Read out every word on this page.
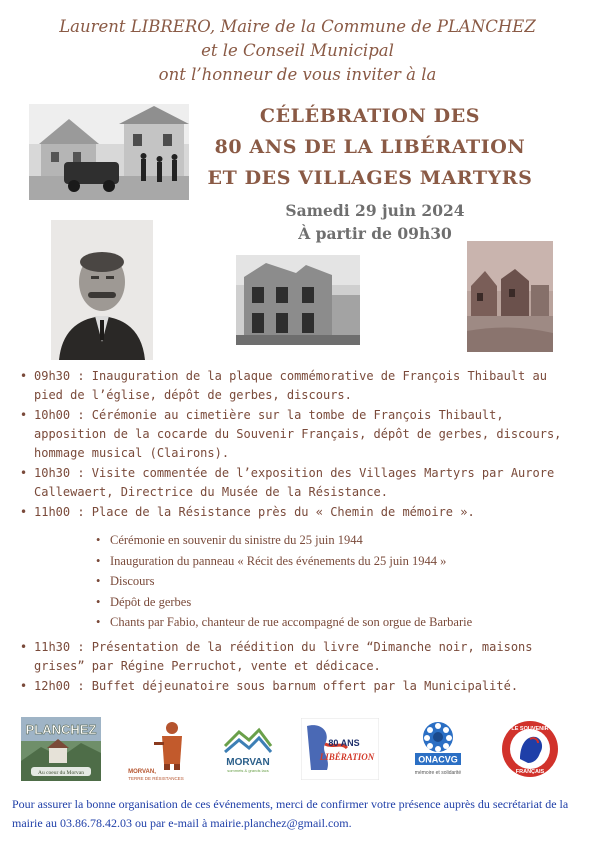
Laurent LIBRERO, Maire de la Commune de PLANCHEZ
et le Conseil Municipal
ont l’honneur de vous inviter à la
CÉLÉBRATION DES
80 ANS DE LA LIBÉRATION
ET DES VILLAGES MARTYRS
Samedi 29 juin 2024
À partir de 09h30
• 09h30 : Inauguration de la plaque commémorative de François Thibault au pied de l’église, dépôt de gerbes, discours.
• 10h00 : Cérémonie au cimetière sur la tombe de François Thibault, apposition de la cocarde du Souvenir Français, dépôt de gerbes, discours, hommage musical (Clairons).
• 10h30 : Visite commentée de l’exposition des Villages Martyrs par Aurore Callewaert, Directrice du Musée de la Résistance.
• 11h00 : Place de la Résistance près du « Chemin de mémoire ».
• Cérémonie en souvenir du sinistre du 25 juin 1944
• Inauguration du panneau « Récit des événements du 25 juin 1944 »
• Discours
• Dépôt de gerbes
• Chants par Fabio, chanteur de rue accompagné de son orgue de Barbarie
• 11h30 : Présentation de la réédition du livre “Dimanche noir, maisons grises” par Régine Perruchot, vente et dédicace.
• 12h00 : Buffet déjeunatoire sous barnum offert par la Municipalité.
PLANCHEZ
Au coeur du Morvan	MORVAN,
TERRE DE RÉSISTANCES
MORVAN
sommets & grands lacs
80 ANS
LIBÉRATION	ONACVG
mémoire et solidarité
LE SOUVENIR
FRANÇAIS
Pour assurer la bonne organisation de ces événements, merci de confirmer votre présence auprès du secrétariat de la mairie au 03.86.78.42.03 ou par e-mail à mairie.planchez@gmail.com.
